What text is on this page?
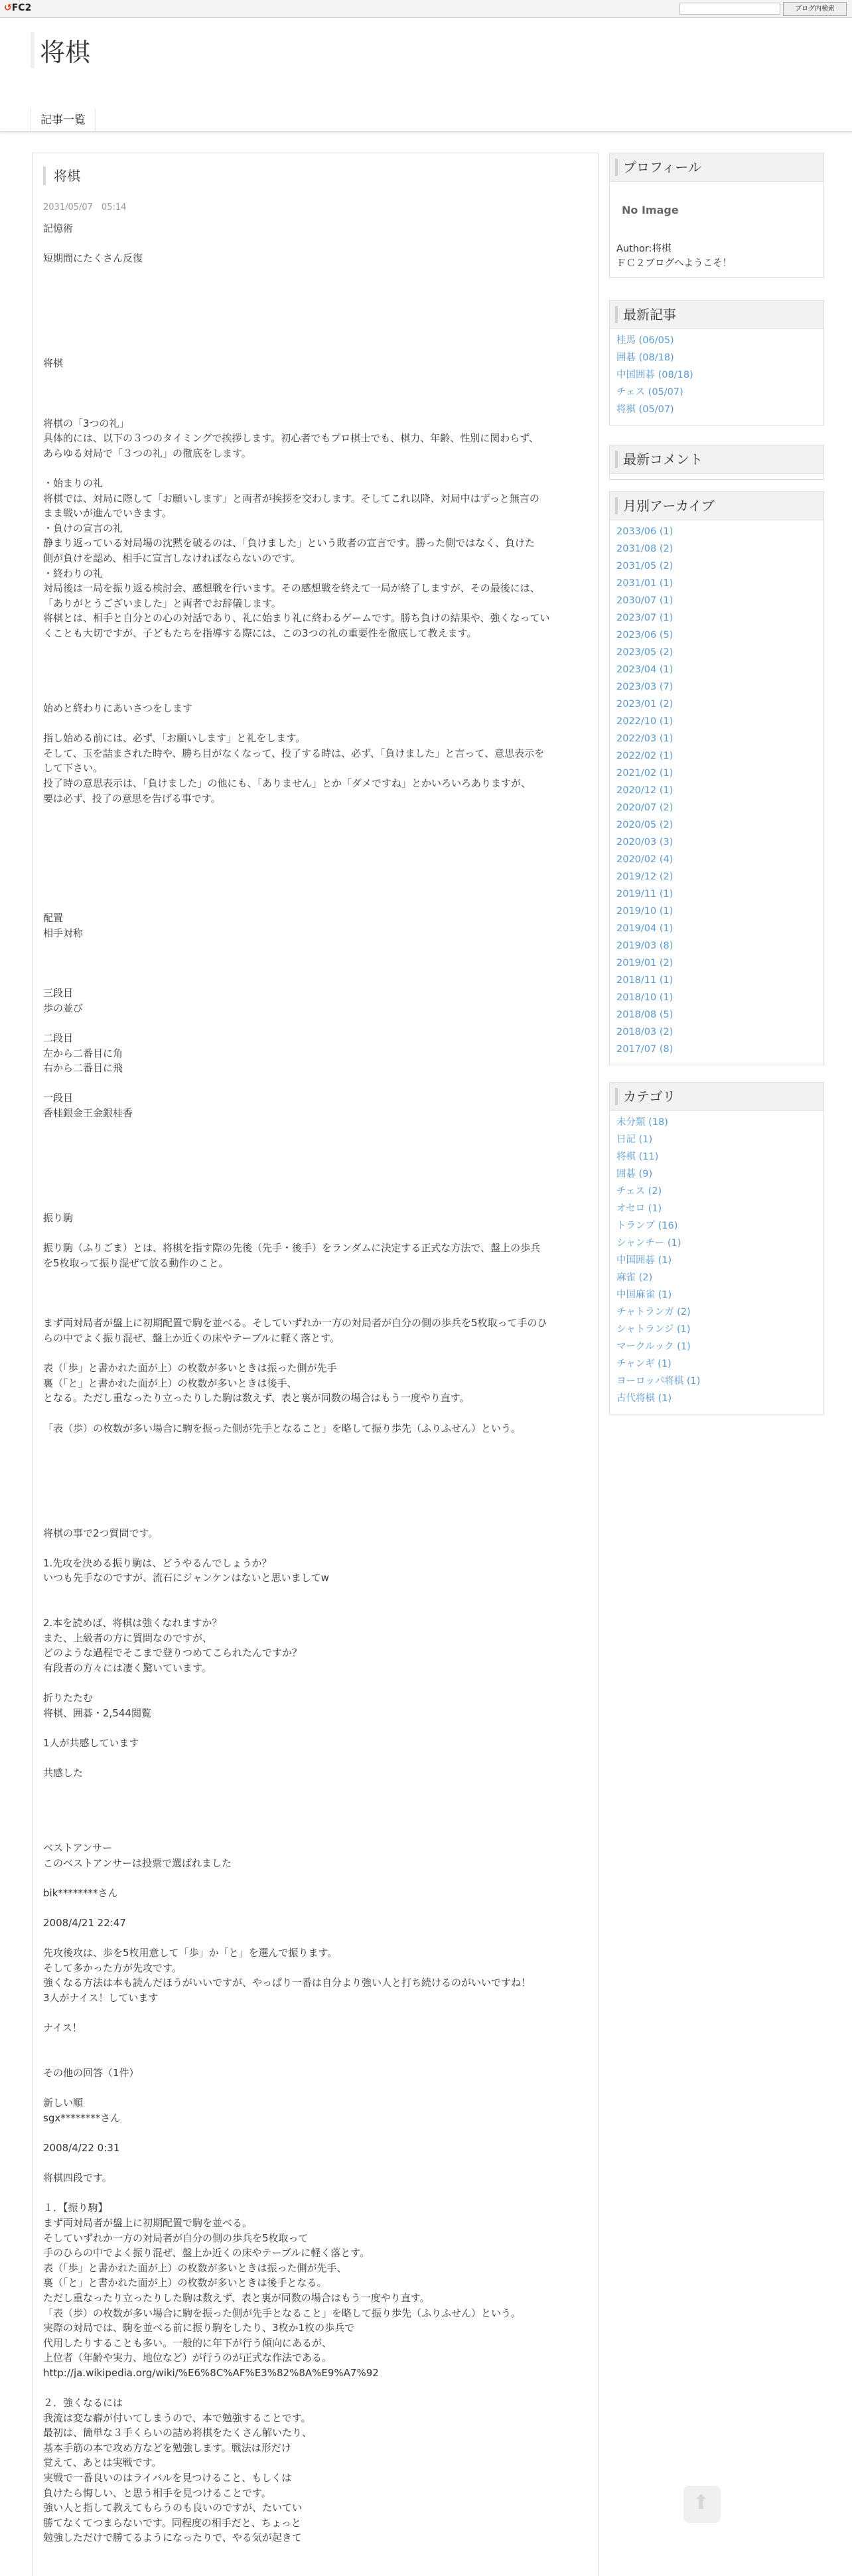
↺FC2	ブログ内検索
将棋
記事一覧
将棋
2031/05/07　05:14
記憶術

短期間にたくさん反復

将棋

将棋の「3つの礼」
具体的には、以下の３つのタイミングで挨拶します。初心者でもプロ棋士でも、棋力、年齢、性別に関わらず、
あらゆる対局で「３つの礼」の徹底をします。

・始まりの礼
将棋では、対局に際して「お願いします」と両者が挨拶を交わします。そしてこれ以降、対局中はずっと無言の
まま戦いが進んでいきます。
・負けの宣言の礼
静まり返っている対局場の沈黙を破るのは、「負けました」という敗者の宣言です。勝った側ではなく、負けた
側が負けを認め、相手に宣言しなければならないのです。
・終わりの礼
対局後は一局を振り返る検討会、感想戦を行います。その感想戦を終えて一局が終了しますが、その最後には、
「ありがとうございました」と両者でお辞儀します。
将棋とは、相手と自分との心の対話であり、礼に始まり礼に終わるゲームです。勝ち負けの結果や、強くなってい
くことも大切ですが、子どもたちを指導する際には、この3つの礼の重要性を徹底して教えます。

始めと終わりにあいさつをします

指し始める前には、必ず、「お願いします」と礼をします。
そして、玉を詰まされた時や、勝ち目がなくなって、投了する時は、必ず、「負けました」と言って、意思表示を
して下さい。
投了時の意思表示は、「負けました」の他にも、「ありません」とか「ダメですね」とかいろいろありますが、
要は必ず、投了の意思を告げる事です。

配置
相手対称

三段目
歩の並び

二段目
左から二番目に角
右から二番目に飛

一段目
香桂銀金王金銀桂香

振り駒

振り駒（ふりごま）とは、将棋を指す際の先後（先手・後手）をランダムに決定する正式な方法で、盤上の歩兵
を5枚取って振り混ぜて放る動作のこと。

まず両対局者が盤上に初期配置で駒を並べる。そしていずれか一方の対局者が自分の側の歩兵を5枚取って手のひ
らの中でよく振り混ぜ、盤上か近くの床やテーブルに軽く落とす。

表（「歩」と書かれた面が上）の枚数が多いときは振った側が先手
裏（「と」と書かれた面が上）の枚数が多いときは後手、
となる。ただし重なったり立ったりした駒は数えず、表と裏が同数の場合はもう一度やり直す。

「表（歩）の枚数が多い場合に駒を振った側が先手となること」を略して振り歩先（ふりふせん）という。

将棋の事で2つ質問です。

1.先攻を決める振り駒は、どうやるんでしょうか？
いつも先手なのですが、流石にジャンケンはないと思いましてw

2.本を読めば、将棋は強くなれますか？
また、上級者の方に質問なのですが、
どのような過程でそこまで登りつめてこられたんですか？
有段者の方々には凄く驚いています。

折りたたむ
将棋、囲碁・2,544閲覧

1人が共感しています

共感した

ベストアンサー
このベストアンサーは投票で選ばれました

bik********さん

2008/4/21 22:47

先攻後攻は、歩を5枚用意して「歩」か「と」を選んで振ります。
そして多かった方が先攻です。
強くなる方法は本も読んだほうがいいですが、やっぱり一番は自分より強い人と打ち続けるのがいいですね！
3人がナイス！しています

ナイス！

その他の回答（1件）

新しい順
sgx********さん

2008/4/22 0:31

将棋四段です。

１．【振り駒】
まず両対局者が盤上に初期配置で駒を並べる。
そしていずれか一方の対局者が自分の側の歩兵を5枚取って
手のひらの中でよく振り混ぜ、盤上か近くの床やテーブルに軽く落とす。
表（「歩」と書かれた面が上）の枚数が多いときは振った側が先手、
裏（「と」と書かれた面が上）の枚数が多いときは後手となる。
ただし重なったり立ったりした駒は数えず、表と裏が同数の場合はもう一度やり直す。
「表（歩）の枚数が多い場合に駒を振った側が先手となること」を略して振り歩先（ふりふせん）という。
実際の対局では、駒を並べる前に振り駒をしたり、3枚か1枚の歩兵で
代用したりすることも多い。一般的に年下が行う傾向にあるが、
上位者（年齢や実力、地位など）が行うのが正式な作法である。
http://ja.wikipedia.org/wiki/%E6%8C%AF%E3%82%8A%E9%A7%92

２．強くなるには
我流は変な癖が付いてしまうので、本で勉強することです。
最初は、簡単な３手くらいの詰め将棋をたくさん解いたり、
基本手筋の本で攻め方などを勉強します。戦法は形だけ
覚えて、あとは実戦です。
実戦で一番良いのはライバルを見つけること、もしくは
負けたら悔しい、と思う相手を見つけることです。
強い人と指して教えてもらうのも良いのですが、たいてい
勝てなくてつまらないです。同程度の相手だと、ちょっと
勉強しただけで勝てるようになったりで、やる気が起きて
プロフィール
No Image
Author:将棋
ＦＣ２ブログへようこそ！
最新記事
桂馬 (06/05)
囲碁 (08/18)
中国囲碁 (08/18)
チェス (05/07)
将棋 (05/07)
最新コメント
月別アーカイブ
2033/06 (1)
2031/08 (2)
2031/05 (2)
2031/01 (1)
2030/07 (1)
2023/07 (1)
2023/06 (5)
2023/05 (2)
2023/04 (1)
2023/03 (7)
2023/01 (2)
2022/10 (1)
2022/03 (1)
2022/02 (1)
2021/02 (1)
2020/12 (1)
2020/07 (2)
2020/05 (2)
2020/03 (3)
2020/02 (4)
2019/12 (2)
2019/11 (1)
2019/10 (1)
2019/04 (1)
2019/03 (8)
2019/01 (2)
2018/11 (1)
2018/10 (1)
2018/08 (5)
2018/03 (2)
2017/07 (8)
カテゴリ
未分類 (18)
日記 (1)
将棋 (11)
囲碁 (9)
チェス (2)
オセロ (1)
トランプ (16)
シャンチー (1)
中国囲碁 (1)
麻雀 (2)
中国麻雀 (1)
チャトランガ (2)
シャトランジ (1)
マークルック (1)
チャンギ (1)
ヨーロッパ将棋 (1)
古代将棋 (1)
⬆
